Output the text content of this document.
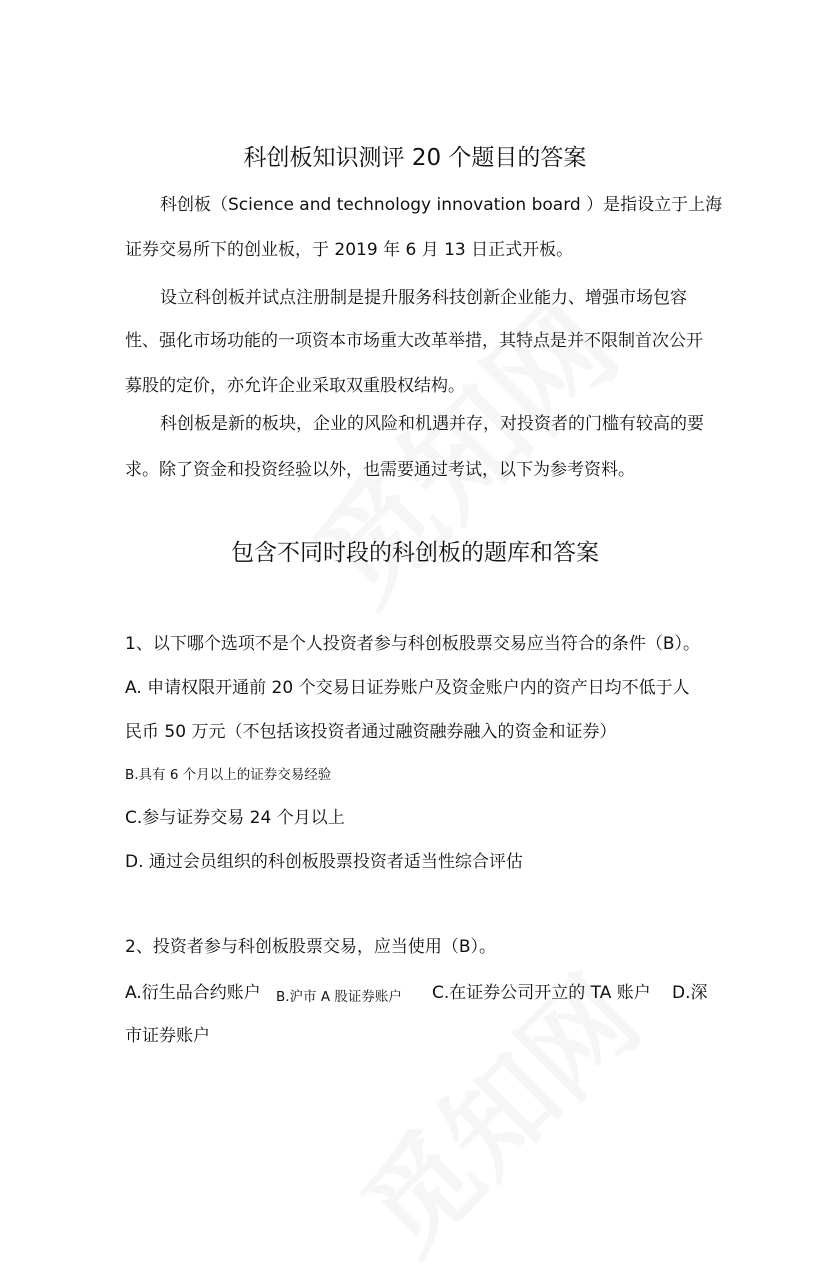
科创板知识测评 20 个题目的答案
科创板（Science and technology innovation board ）是指设立于上海
证券交易所下的创业板，于 2019 年 6 月 13 日正式开板。
设立科创板并试点注册制是提升服务科技创新企业能力、增强市场包容
性、强化市场功能的一项资本市场重大改革举措，其特点是并不限制首次公开
募股的定价，亦允许企业采取双重股权结构。
科创板是新的板块，企业的风险和机遇并存，对投资者的门槛有较高的要
求。除了资金和投资经验以外，也需要通过考试，以下为参考资料。
包含不同时段的科创板的题库和答案
1、以下哪个选项不是个人投资者参与科创板股票交易应当符合的条件（B）。
A. 申请权限开通前 20 个交易日证券账户及资金账户内的资产日均不低于人
民币 50 万元（不包括该投资者通过融资融券融入的资金和证券）
B.具有 6 个月以上的证券交易经验
C.参与证券交易 24 个月以上
D. 通过会员组织的科创板股票投资者适当性综合评估
2、投资者参与科创板股票交易，应当使用（B）。
A.衍生品合约账户 B.沪市 A 股证券账户 C.在证券公司开立的 TA 账户 D.深
市证券账户
